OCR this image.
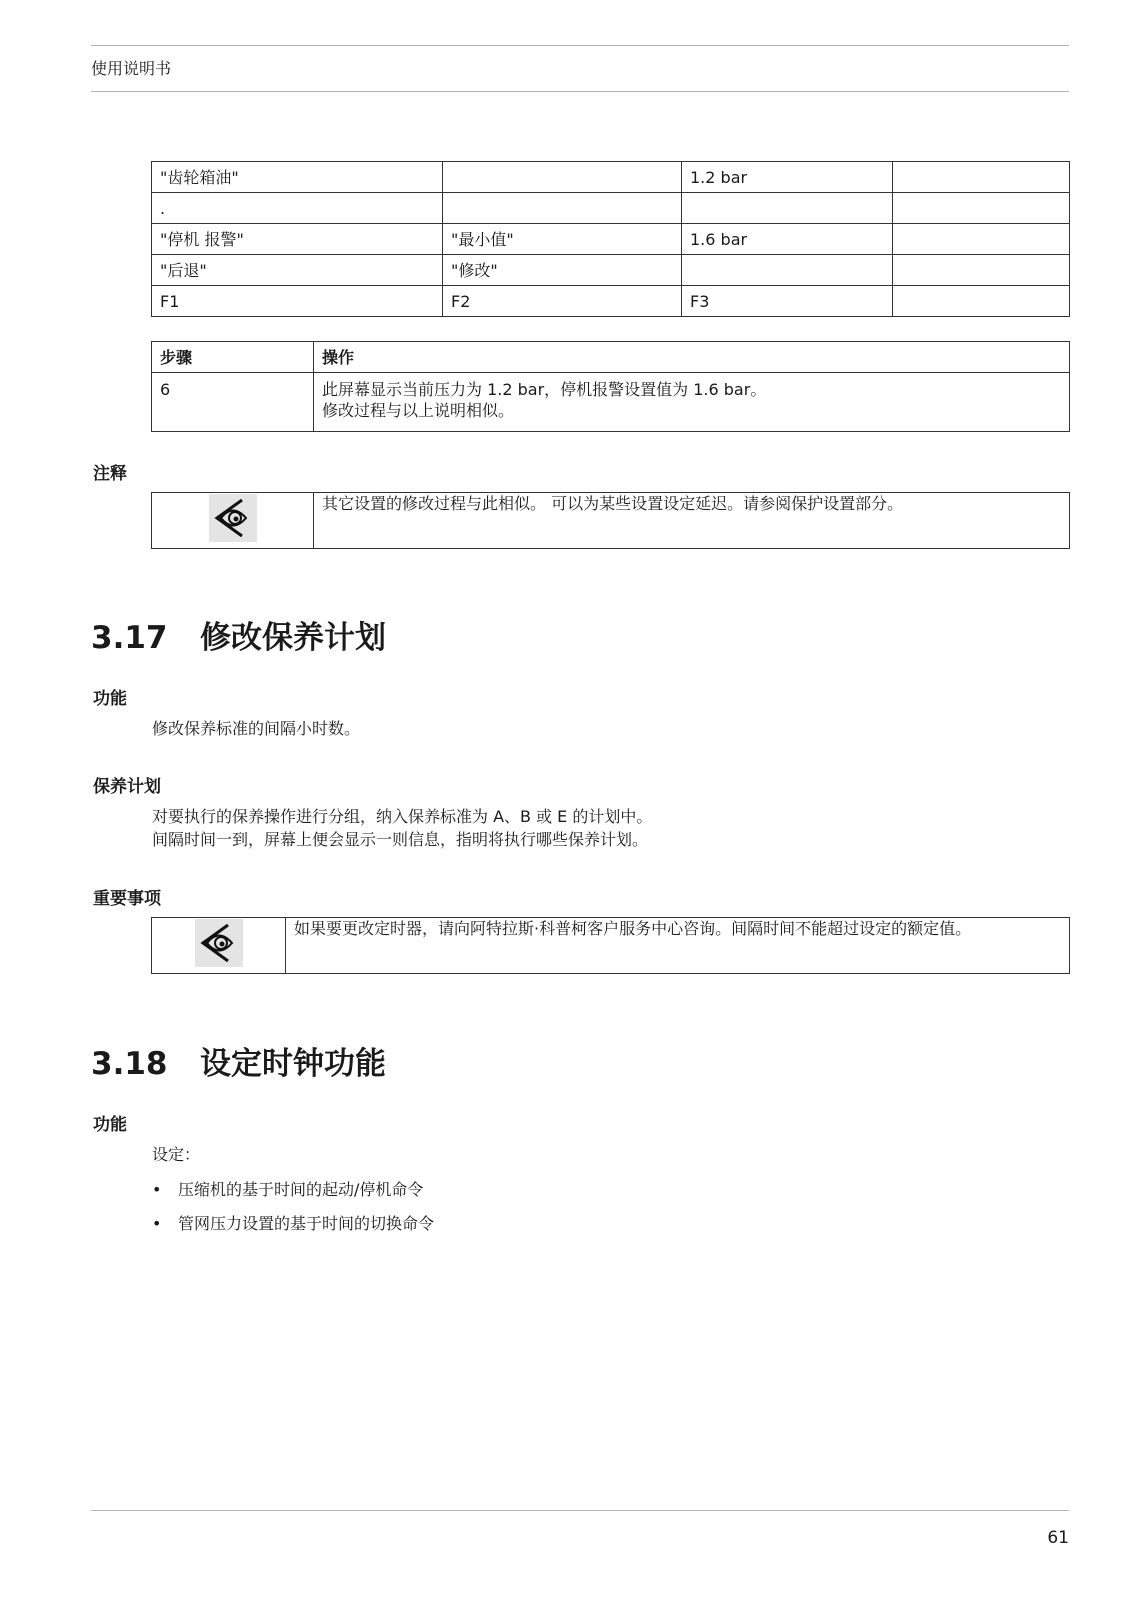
使用说明书
"齿轮箱油"		1.2 bar	
.			
"停机 报警"	"最小值"	1.6 bar	
"后退"	"修改"		
F1	F2	F3	
步骤	操作
6	此屏幕显示当前压力为 1.2 bar，停机报警设置值为 1.6 bar。
修改过程与以上说明相似。
注释
	其它设置的修改过程与此相似。 可以为某些设置设定延迟。请参阅保护设置部分。
3.17 修改保养计划
功能
修改保养标准的间隔小时数。
保养计划
对要执行的保养操作进行分组，纳入保养标准为 A、B 或 E 的计划中。
间隔时间一到，屏幕上便会显示一则信息，指明将执行哪些保养计划。
重要事项
	如果要更改定时器，请向阿特拉斯·科普柯客户服务中心咨询。间隔时间不能超过设定的额定值。
3.18 设定时钟功能
功能
设定：
• 压缩机的基于时间的起动/停机命令
• 管网压力设置的基于时间的切换命令
61
